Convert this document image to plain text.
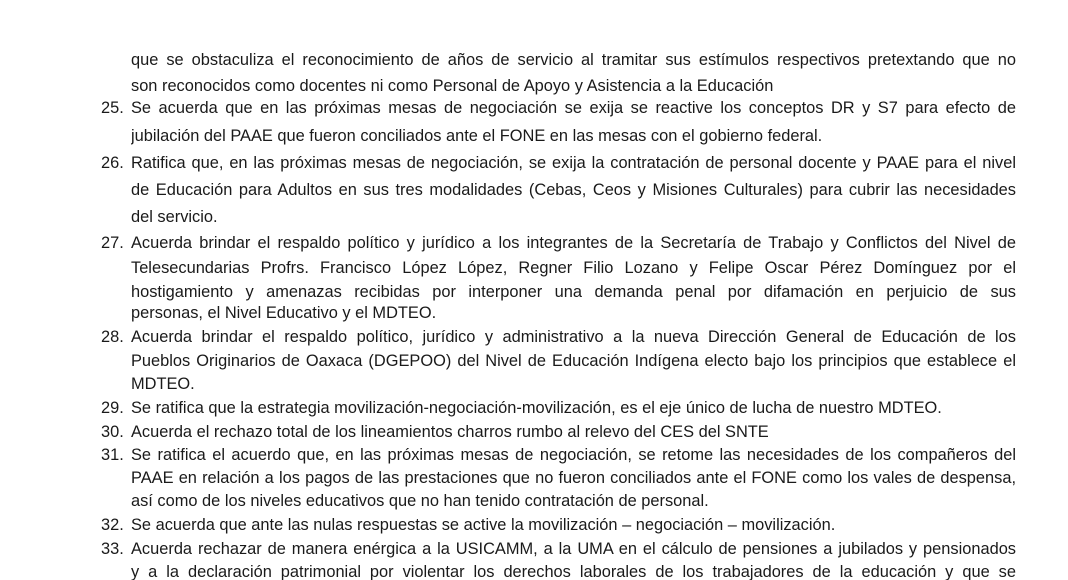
que se obstaculiza el reconocimiento de años de servicio al tramitar sus estímulos respectivos pretextando que no
son reconocidos como docentes ni como Personal de Apoyo y Asistencia a la Educación
25. Se acuerda que en las próximas mesas de negociación se exija se reactive los conceptos DR y S7 para efecto de
jubilación del PAAE que fueron conciliados ante el FONE en las mesas con el gobierno federal.
26. Ratifica que, en las próximas mesas de negociación, se exija la contratación de personal docente y PAAE para el nivel
de Educación para Adultos en sus tres modalidades (Cebas, Ceos y Misiones Culturales) para cubrir las necesidades
del servicio.
27. Acuerda brindar el respaldo político y jurídico a los integrantes de la Secretaría de Trabajo y Conflictos del Nivel de
Telesecundarias Profrs. Francisco López López, Regner Filio Lozano y Felipe Oscar Pérez Domínguez por el
hostigamiento y amenazas recibidas por interponer una demanda penal por difamación en perjuicio de sus
personas, el Nivel Educativo y el MDTEO.
28. Acuerda brindar el respaldo político, jurídico y administrativo a la nueva Dirección General de Educación de los
Pueblos Originarios de Oaxaca (DGEPOO) del Nivel de Educación Indígena electo bajo los principios que establece el
MDTEO.
29. Se ratifica que la estrategia movilización-negociación-movilización, es el eje único de lucha de nuestro MDTEO.
30. Acuerda el rechazo total de los lineamientos charros rumbo al relevo del CES del SNTE
31. Se ratifica el acuerdo que, en las próximas mesas de negociación, se retome las necesidades de los compañeros del
PAAE en relación a los pagos de las prestaciones que no fueron conciliados ante el FONE como los vales de despensa,
así como de los niveles educativos que no han tenido contratación de personal.
32. Se acuerda que ante las nulas respuestas se active la movilización – negociación – movilización.
33. Acuerda rechazar de manera enérgica a la USICAMM, a la UMA en el cálculo de pensiones a jubilados y pensionados
y a la declaración patrimonial por violentar los derechos laborales de los trabajadores de la educación y que se
